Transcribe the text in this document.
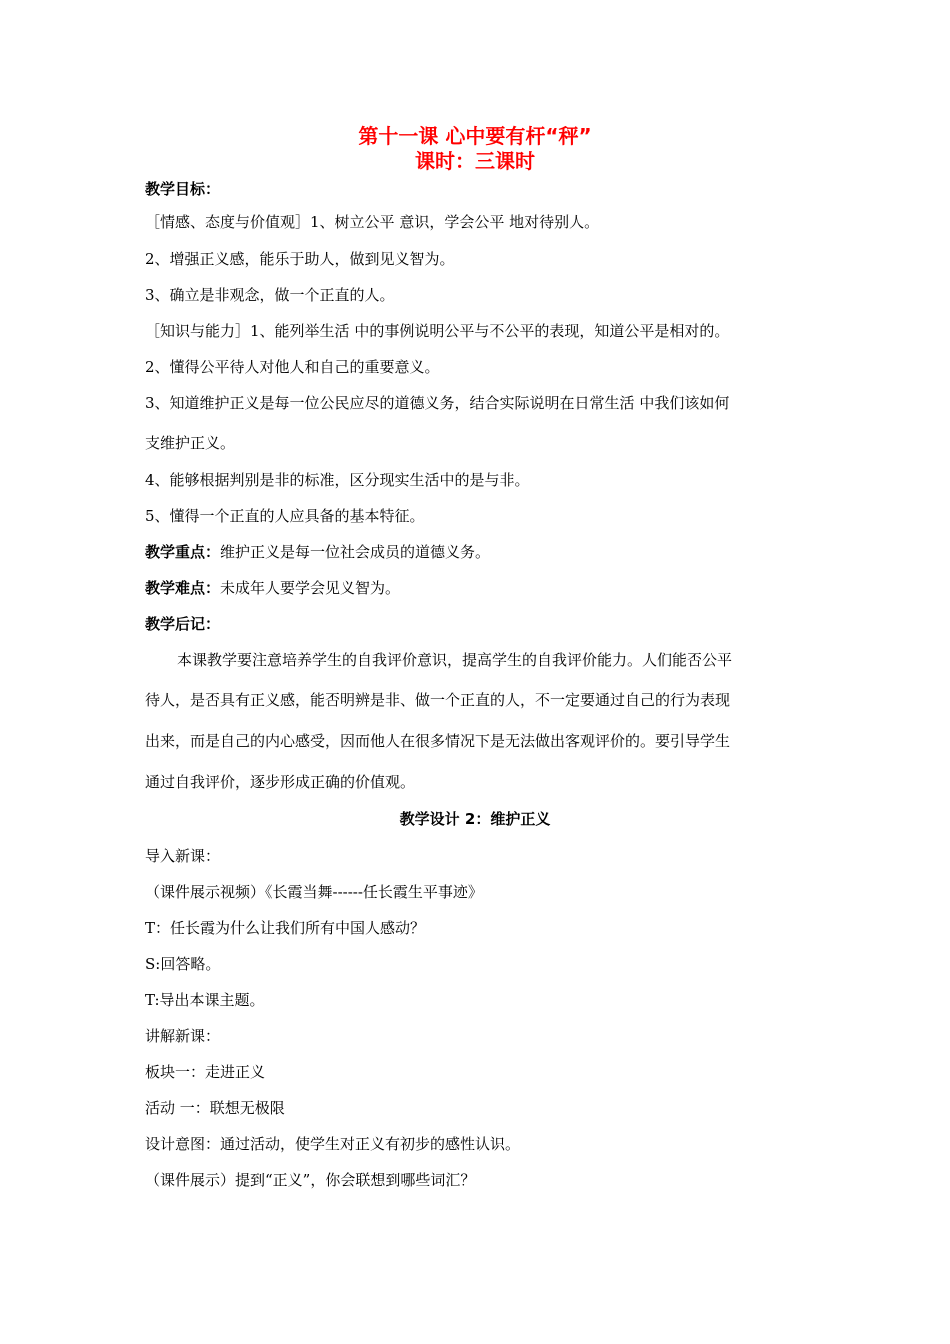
第十一课 心中要有杆“秤”
课时：三课时
教学目标：
［情感、态度与价值观］1、树立公平 意识，学会公平 地对待别人。
2、增强正义感，能乐于助人，做到见义智为。
3、确立是非观念，做一个正直的人。
［知识与能力］1、能列举生活 中的事例说明公平与不公平的表现，知道公平是相对的。
2、懂得公平待人对他人和自己的重要意义。
3、知道维护正义是每一位公民应尽的道德义务，结合实际说明在日常生活 中我们该如何
支维护正义。
4、能够根据判别是非的标准，区分现实生活中的是与非。
5、懂得一个正直的人应具备的基本特征。
教学重点：维护正义是每一位社会成员的道德义务。
教学难点：未成年人要学会见义智为。
教学后记：
本课教学要注意培养学生的自我评价意识，提高学生的自我评价能力。人们能否公平
待人，是否具有正义感，能否明辨是非、做一个正直的人，不一定要通过自己的行为表现
出来，而是自己的内心感受，因而他人在很多情况下是无法做出客观评价的。要引导学生
通过自我评价，逐步形成正确的价值观。
教学设计 2：维护正义
导入新课：
（课件展示视频）《长霞当舞------任长霞生平事迹》
T：任长霞为什么让我们所有中国人感动？
S:回答略。
T:导出本课主题。
讲解新课：
板块一：走进正义
活动 一：联想无极限
设计意图：通过活动，使学生对正义有初步的感性认识。
（课件展示）提到“正义”，你会联想到哪些词汇？
